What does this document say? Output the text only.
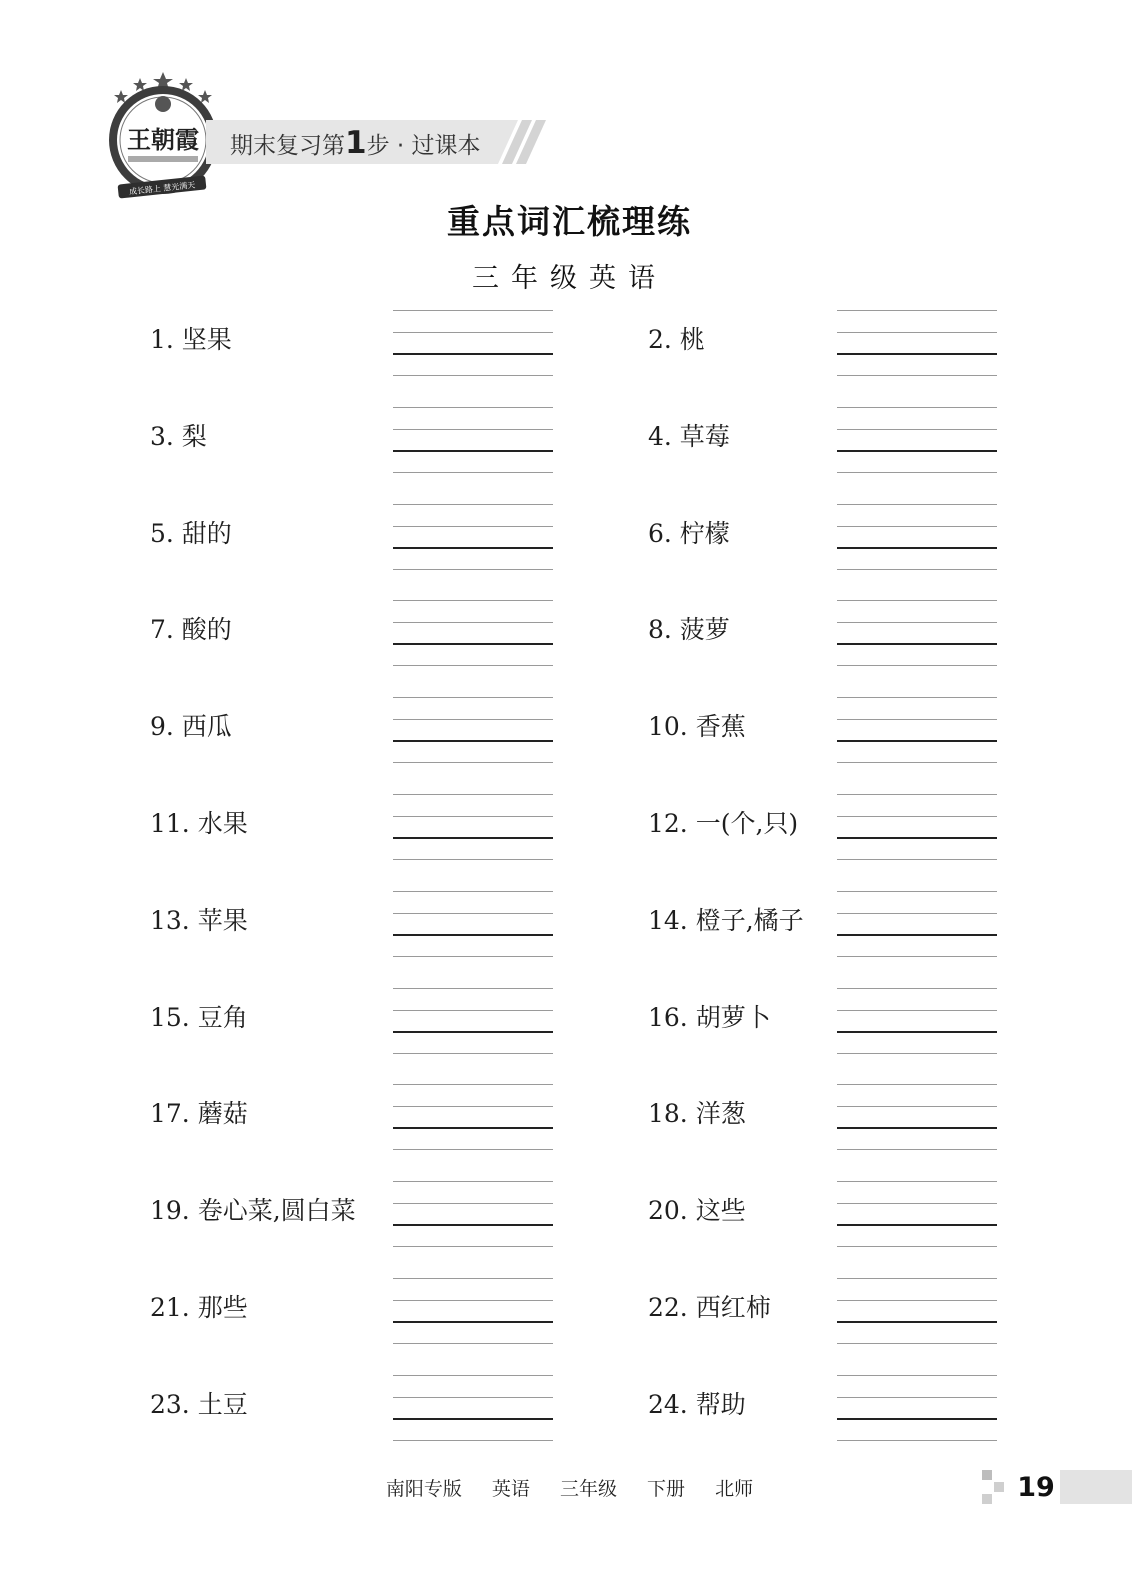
王朝霞
成长路上 慧光满天
期末复习第1步 · 过课本
重点词汇梳理练
三年级英语
1. 坚果	2. 桃
3. 梨	4. 草莓
5. 甜的	6. 柠檬
7. 酸的	8. 菠萝
9. 西瓜	10. 香蕉
11. 水果	12. 一(个,只)
13. 苹果	14. 橙子,橘子
15. 豆角	16. 胡萝卜
17. 蘑菇	18. 洋葱
19. 卷心菜,圆白菜	20. 这些
21. 那些	22. 西红柿
23. 土豆	24. 帮助
南阳专版 英语 三年级 下册 北师	19
